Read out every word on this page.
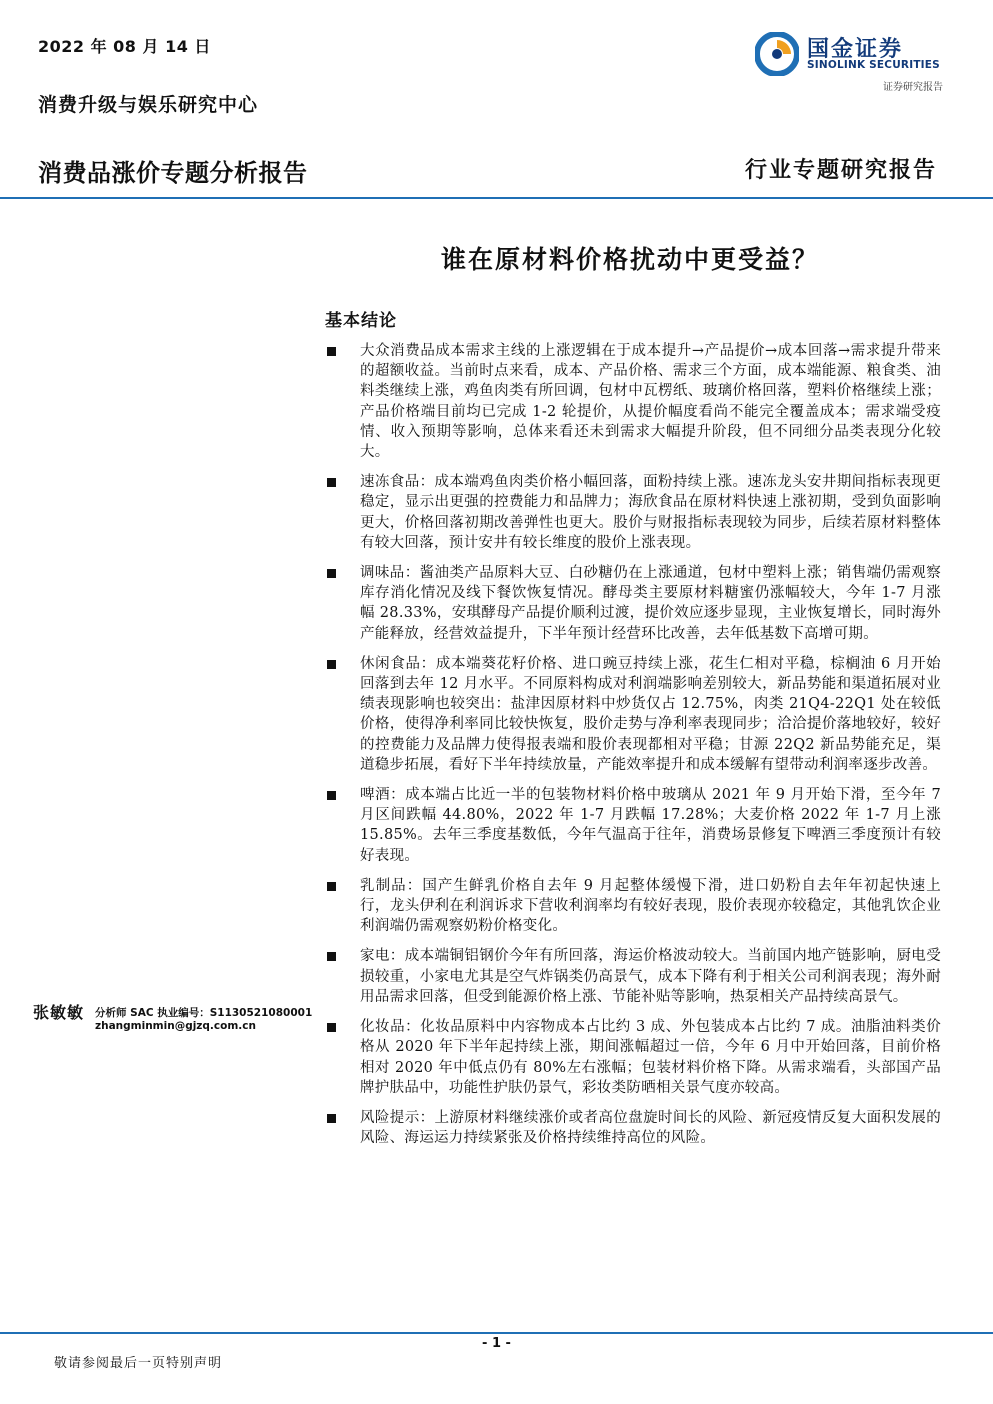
2022 年 08 月 14 日
消费升级与娱乐研究中心
消费品涨价专题分析报告	行业专题研究报告
国金证券
SINOLINK SECURITIES
证券研究报告
谁在原材料价格扰动中更受益？
基本结论
大众消费品成本需求主线的上涨逻辑在于成本提升→产品提价→成本回落→需求提升带来的超额收益。当前时点来看，成本、产品价格、需求三个方面，成本端能源、粮食类、油料类继续上涨，鸡鱼肉类有所回调，包材中瓦楞纸、玻璃价格回落，塑料价格继续上涨；产品价格端目前均已完成 1-2 轮提价，从提价幅度看尚不能完全覆盖成本；需求端受疫情、收入预期等影响，总体来看还未到需求大幅提升阶段，但不同细分品类表现分化较大。
速冻食品：成本端鸡鱼肉类价格小幅回落，面粉持续上涨。速冻龙头安井期间指标表现更稳定，显示出更强的控费能力和品牌力；海欣食品在原材料快速上涨初期，受到负面影响更大，价格回落初期改善弹性也更大。股价与财报指标表现较为同步，后续若原材料整体有较大回落，预计安井有较长维度的股价上涨表现。
调味品：酱油类产品原料大豆、白砂糖仍在上涨通道，包材中塑料上涨；销售端仍需观察库存消化情况及线下餐饮恢复情况。酵母类主要原材料糖蜜仍涨幅较大，今年 1-7 月涨幅 28.33%，安琪酵母产品提价顺利过渡，提价效应逐步显现，主业恢复增长，同时海外产能释放，经营效益提升，下半年预计经营环比改善，去年低基数下高增可期。
休闲食品：成本端葵花籽价格、进口豌豆持续上涨，花生仁相对平稳，棕榈油 6 月开始回落到去年 12 月水平。不同原料构成对利润端影响差别较大，新品势能和渠道拓展对业绩表现影响也较突出：盐津因原材料中炒货仅占 12.75%，肉类 21Q4-22Q1 处在较低价格，使得净利率同比较快恢复，股价走势与净利率表现同步；洽洽提价落地较好，较好的控费能力及品牌力使得报表端和股价表现都相对平稳；甘源 22Q2 新品势能充足，渠道稳步拓展，看好下半年持续放量，产能效率提升和成本缓解有望带动利润率逐步改善。
啤酒：成本端占比近一半的包装物材料价格中玻璃从 2021 年 9 月开始下滑，至今年 7 月区间跌幅 44.80%，2022 年 1-7 月跌幅 17.28%；大麦价格 2022 年 1-7 月上涨 15.85%。去年三季度基数低，今年气温高于往年，消费场景修复下啤酒三季度预计有较好表现。
乳制品：国产生鲜乳价格自去年 9 月起整体缓慢下滑，进口奶粉自去年年初起快速上行，龙头伊利在利润诉求下营收利润率均有较好表现，股价表现亦较稳定，其他乳饮企业利润端仍需观察奶粉价格变化。
家电：成本端铜铝钢价今年有所回落，海运价格波动较大。当前国内地产链影响，厨电受损较重，小家电尤其是空气炸锅类仍高景气，成本下降有利于相关公司利润表现；海外耐用品需求回落，但受到能源价格上涨、节能补贴等影响，热泵相关产品持续高景气。
化妆品：化妆品原料中内容物成本占比约 3 成、外包装成本占比约 7 成。油脂油料类价格从 2020 年下半年起持续上涨，期间涨幅超过一倍，今年 6 月中开始回落，目前价格相对 2020 年中低点仍有 80%左右涨幅；包装材料价格下降。从需求端看，头部国产品牌护肤品中，功能性护肤仍景气，彩妆类防晒相关景气度亦较高。
风险提示：上游原材料继续涨价或者高位盘旋时间长的风险、新冠疫情反复大面积发展的风险、海运运力持续紧张及价格持续维持高位的风险。
张敏敏	分析师 SAC 执业编号：S1130521080001
zhangminmin@gjzq.com.cn
- 1 -
敬请参阅最后一页特别声明
